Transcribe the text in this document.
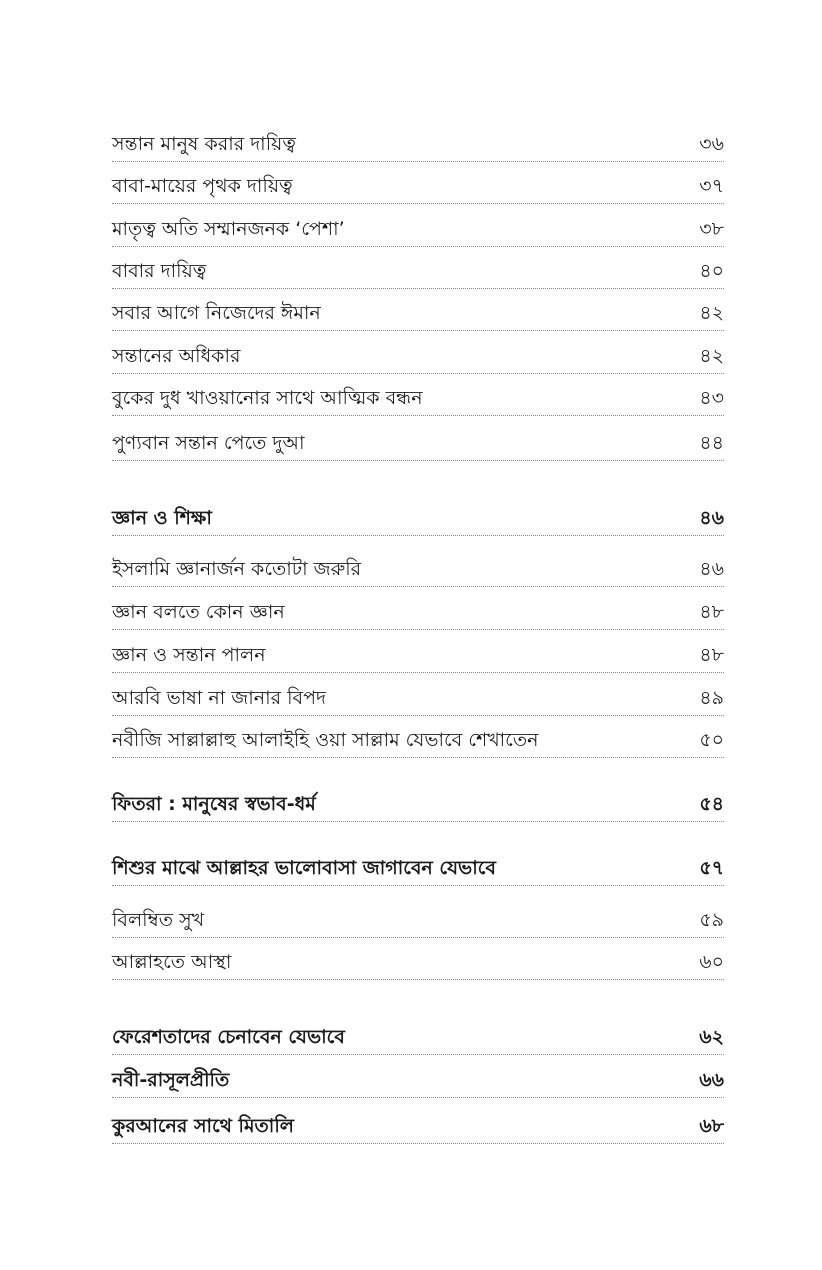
সন্তান মানুষ করার দায়িত্ব	৩৬
বাবা-মায়ের পৃথক দায়িত্ব	৩৭
মাতৃত্ব অতি সম্মানজনক ‘পেশা’	৩৮
বাবার দায়িত্ব	৪০
সবার আগে নিজেদের ঈমান	৪২
সন্তানের অধিকার	৪২
বুকের দুধ খাওয়ানোর সাথে আত্মিক বন্ধন	৪৩
পুণ্যবান সন্তান পেতে দুআ	৪৪
জ্ঞান ও শিক্ষা	৪৬
ইসলামি জ্ঞানার্জন কতোটা জরুরি	৪৬
জ্ঞান বলতে কোন জ্ঞান	৪৮
জ্ঞান ও সন্তান পালন	৪৮
আরবি ভাষা না জানার বিপদ	৪৯
নবীজি সাল্লাল্লাহু আলাইহি ওয়া সাল্লাম যেভাবে শেখাতেন	৫০
ফিতরা : মানুষের স্বভাব-ধর্ম	৫৪
শিশুর মাঝে আল্লাহর ভালোবাসা জাগাবেন যেভাবে	৫৭
বিলম্বিত সুখ	৫৯
আল্লাহতে আস্থা	৬০
ফেরেশতাদের চেনাবেন যেভাবে	৬২
নবী-রাসূলপ্রীতি	৬৬
কুরআনের সাথে মিতালি	৬৮
